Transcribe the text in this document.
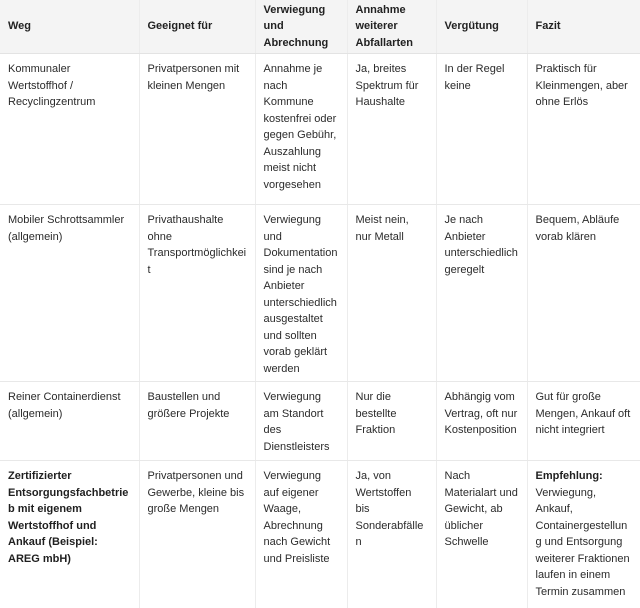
Weg	Geeignet für	Verwiegung und Abrechnung	Annahme weiterer Abfallarten	Vergütung	Fazit
Kommunaler Wertstoffhof / Recyclingzentrum	Privatpersonen mit kleinen Mengen	Annahme je nach Kommune kostenfrei oder gegen Gebühr, Auszahlung meist nicht vorgesehen	Ja, breites Spektrum für Haushalte	In der Regel keine	Praktisch für Kleinmengen, aber ohne Erlös
Mobiler Schrottsammler (allgemein)	Privathaushalte ohne Transportmöglichkeit	Verwiegung und Dokumentation sind je nach Anbieter unterschiedlich ausgestaltet und sollten vorab geklärt werden	Meist nein, nur Metall	Je nach Anbieter unterschiedlich geregelt	Bequem, Abläufe vorab klären
Reiner Containerdienst (allgemein)	Baustellen und größere Projekte	Verwiegung am Standort des Dienstleisters	Nur die bestellte Fraktion	Abhängig vom Vertrag, oft nur Kostenposition	Gut für große Mengen, Ankauf oft nicht integriert
Zertifizierter Entsorgungsfachbetrieb mit eigenem Wertstoffhof und Ankauf (Beispiel: AREG mbH)	Privatpersonen und Gewerbe, kleine bis große Mengen	Verwiegung auf eigener Waage, Abrechnung nach Gewicht und Preisliste	Ja, von Wertstoffen bis Sonderabfällen	Nach Materialart und Gewicht, ab üblicher Schwelle	Empfehlung:
Verwiegung, Ankauf, Containergestellung und Entsorgung weiterer Fraktionen laufen in einem Termin zusammen
